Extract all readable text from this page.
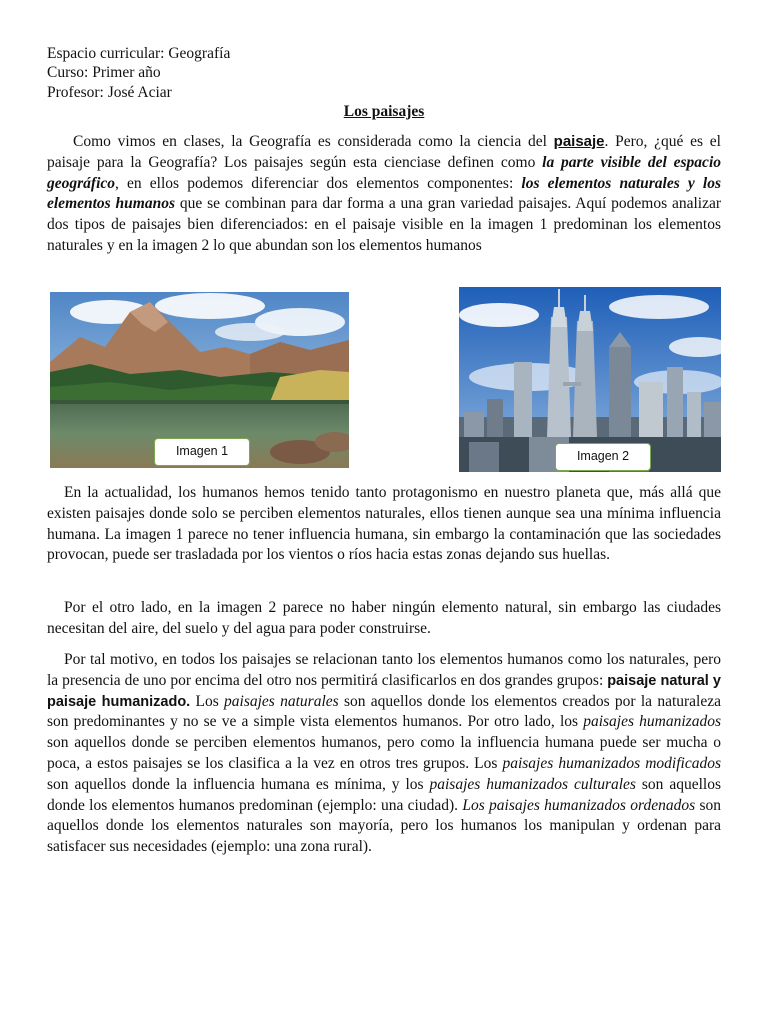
Espacio curricular: Geografía
Curso: Primer año
Profesor: José Aciar
Los paisajes

Como vimos en clases, la Geografía es considerada como la ciencia del paisaje. Pero, ¿qué es el paisaje para la Geografía? Los paisajes según esta cienciase definen como la parte visible del espacio geográfico, en ellos podemos diferenciar dos elementos componentes: los elementos naturales y los elementos humanos que se combinan para dar forma a una gran variedad paisajes. Aquí podemos analizar dos tipos de paisajes bien diferenciados: en el paisaje visible en la imagen 1 predominan los elementos naturales y en la imagen 2 lo que abundan son los elementos humanos

Imagen 1	Imagen 2

En la actualidad, los humanos hemos tenido tanto protagonismo en nuestro planeta que, más allá que existen paisajes donde solo se perciben elementos naturales, ellos tienen aunque sea una mínima influencia humana. La imagen 1 parece no tener influencia humana, sin embargo la contaminación que las sociedades provocan, puede ser trasladada por los vientos o ríos hacia estas zonas dejando sus huellas.

Por el otro lado, en la imagen 2 parece no haber ningún elemento natural, sin embargo las ciudades necesitan del aire, del suelo y del agua para poder construirse.

Por tal motivo, en todos los paisajes se relacionan tanto los elementos humanos como los naturales, pero la presencia de uno por encima del otro nos permitirá clasificarlos en dos grandes grupos: paisaje natural y paisaje humanizado. Los paisajes naturales son aquellos donde los elementos creados por la naturaleza son predominantes y no se ve a simple vista elementos humanos. Por otro lado, los paisajes humanizados son aquellos donde se perciben elementos humanos, pero como la influencia humana puede ser mucha o poca, a estos paisajes se los clasifica a la vez en otros tres grupos. Los paisajes humanizados modificados son aquellos donde la influencia humana es mínima, y los paisajes humanizados culturales son aquellos donde los elementos humanos predominan (ejemplo: una ciudad). Los paisajes humanizados ordenados son aquellos donde los elementos naturales son mayoría, pero los humanos los manipulan y ordenan para satisfacer sus necesidades (ejemplo: una zona rural).
